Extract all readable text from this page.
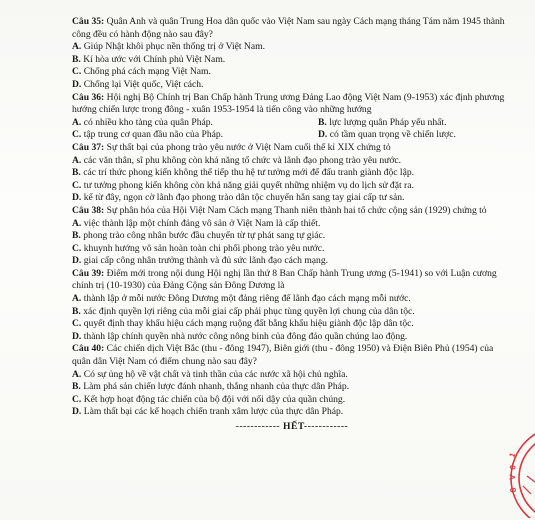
Câu 35: Quân Anh và quân Trung Hoa dân quốc vào Việt Nam sau ngày Cách mạng tháng Tám năm 1945 thành công đều có hành động nào sau đây?
A. Giúp Nhật khôi phục nền thống trị ở Việt Nam.
B. Kí hòa ước với Chính phủ Việt Nam.
C. Chống phá cách mạng Việt Nam.
D. Chống lại Việt quốc, Việt cách.
Câu 36: Hội nghị Bộ Chính trị Ban Chấp hành Trung ương Đảng Lao động Việt Nam (9-1953) xác định phương hướng chiến lược trong đông - xuân 1953-1954 là tiến công vào những hướng
A. có nhiều kho tàng của quân Pháp.	B. lực lượng quân Pháp yếu nhất.
C. tập trung cơ quan đầu não của Pháp.	D. có tầm quan trọng về chiến lược.
Câu 37: Sự thất bại của phong trào yêu nước ở Việt Nam cuối thế kỉ XIX chứng tỏ
A. các văn thân, sĩ phu không còn khả năng tổ chức và lãnh đạo phong trào yêu nước.
B. các trí thức phong kiến không thể tiếp thu hệ tư tưởng mới để đấu tranh giành độc lập.
C. tư tưởng phong kiến không còn khả năng giải quyết những nhiệm vụ do lịch sử đặt ra.
D. kể từ đây, ngọn cờ lãnh đạo phong trào dân tộc chuyển hẳn sang tay giai cấp tư sản.
Câu 38: Sự phân hóa của Hội Việt Nam Cách mạng Thanh niên thành hai tổ chức cộng sản (1929) chứng tỏ
A. việc thành lập một chính đảng vô sản ở Việt Nam là cấp thiết.
B. phong trào công nhân bước đầu chuyển từ tự phát sang tự giác.
C. khuynh hướng vô sản hoàn toàn chi phối phong trào yêu nước.
D. giai cấp công nhân trưởng thành và đủ sức lãnh đạo cách mạng.
Câu 39: Điểm mới trong nội dung Hội nghị lần thứ 8 Ban Chấp hành Trung ương (5-1941) so với Luận cương chính trị (10-1930) của Đảng Cộng sản Đông Dương là
A. thành lập ở mỗi nước Đông Dương một đảng riêng để lãnh đạo cách mạng mỗi nước.
B. xác định quyền lợi riêng của mỗi giai cấp phải phục tùng quyền lợi chung của dân tộc.
C. quyết định thay khẩu hiệu cách mạng ruộng đất bằng khẩu hiệu giành độc lập dân tộc.
D. thành lập chính quyền nhà nước công nông binh của đông đảo quần chúng lao động.
Câu 40: Các chiến dịch Việt Bắc (thu - đông 1947), Biên giới (thu - đông 1950) và Điện Biên Phủ (1954) của quân dân Việt Nam có điểm chung nào sau đây?
A. Có sự ủng hộ về vật chất và tinh thần của các nước xã hội chủ nghĩa.
B. Làm phá sản chiến lược đánh nhanh, thắng nhanh của thực dân Pháp.
C. Kết hợp hoạt động tác chiến của bộ đội với nổi dậy của quần chúng.
D. Làm thất bại các kế hoạch chiến tranh xâm lược của thực dân Pháp.
------------ HẾT------------
1
0
V
8
